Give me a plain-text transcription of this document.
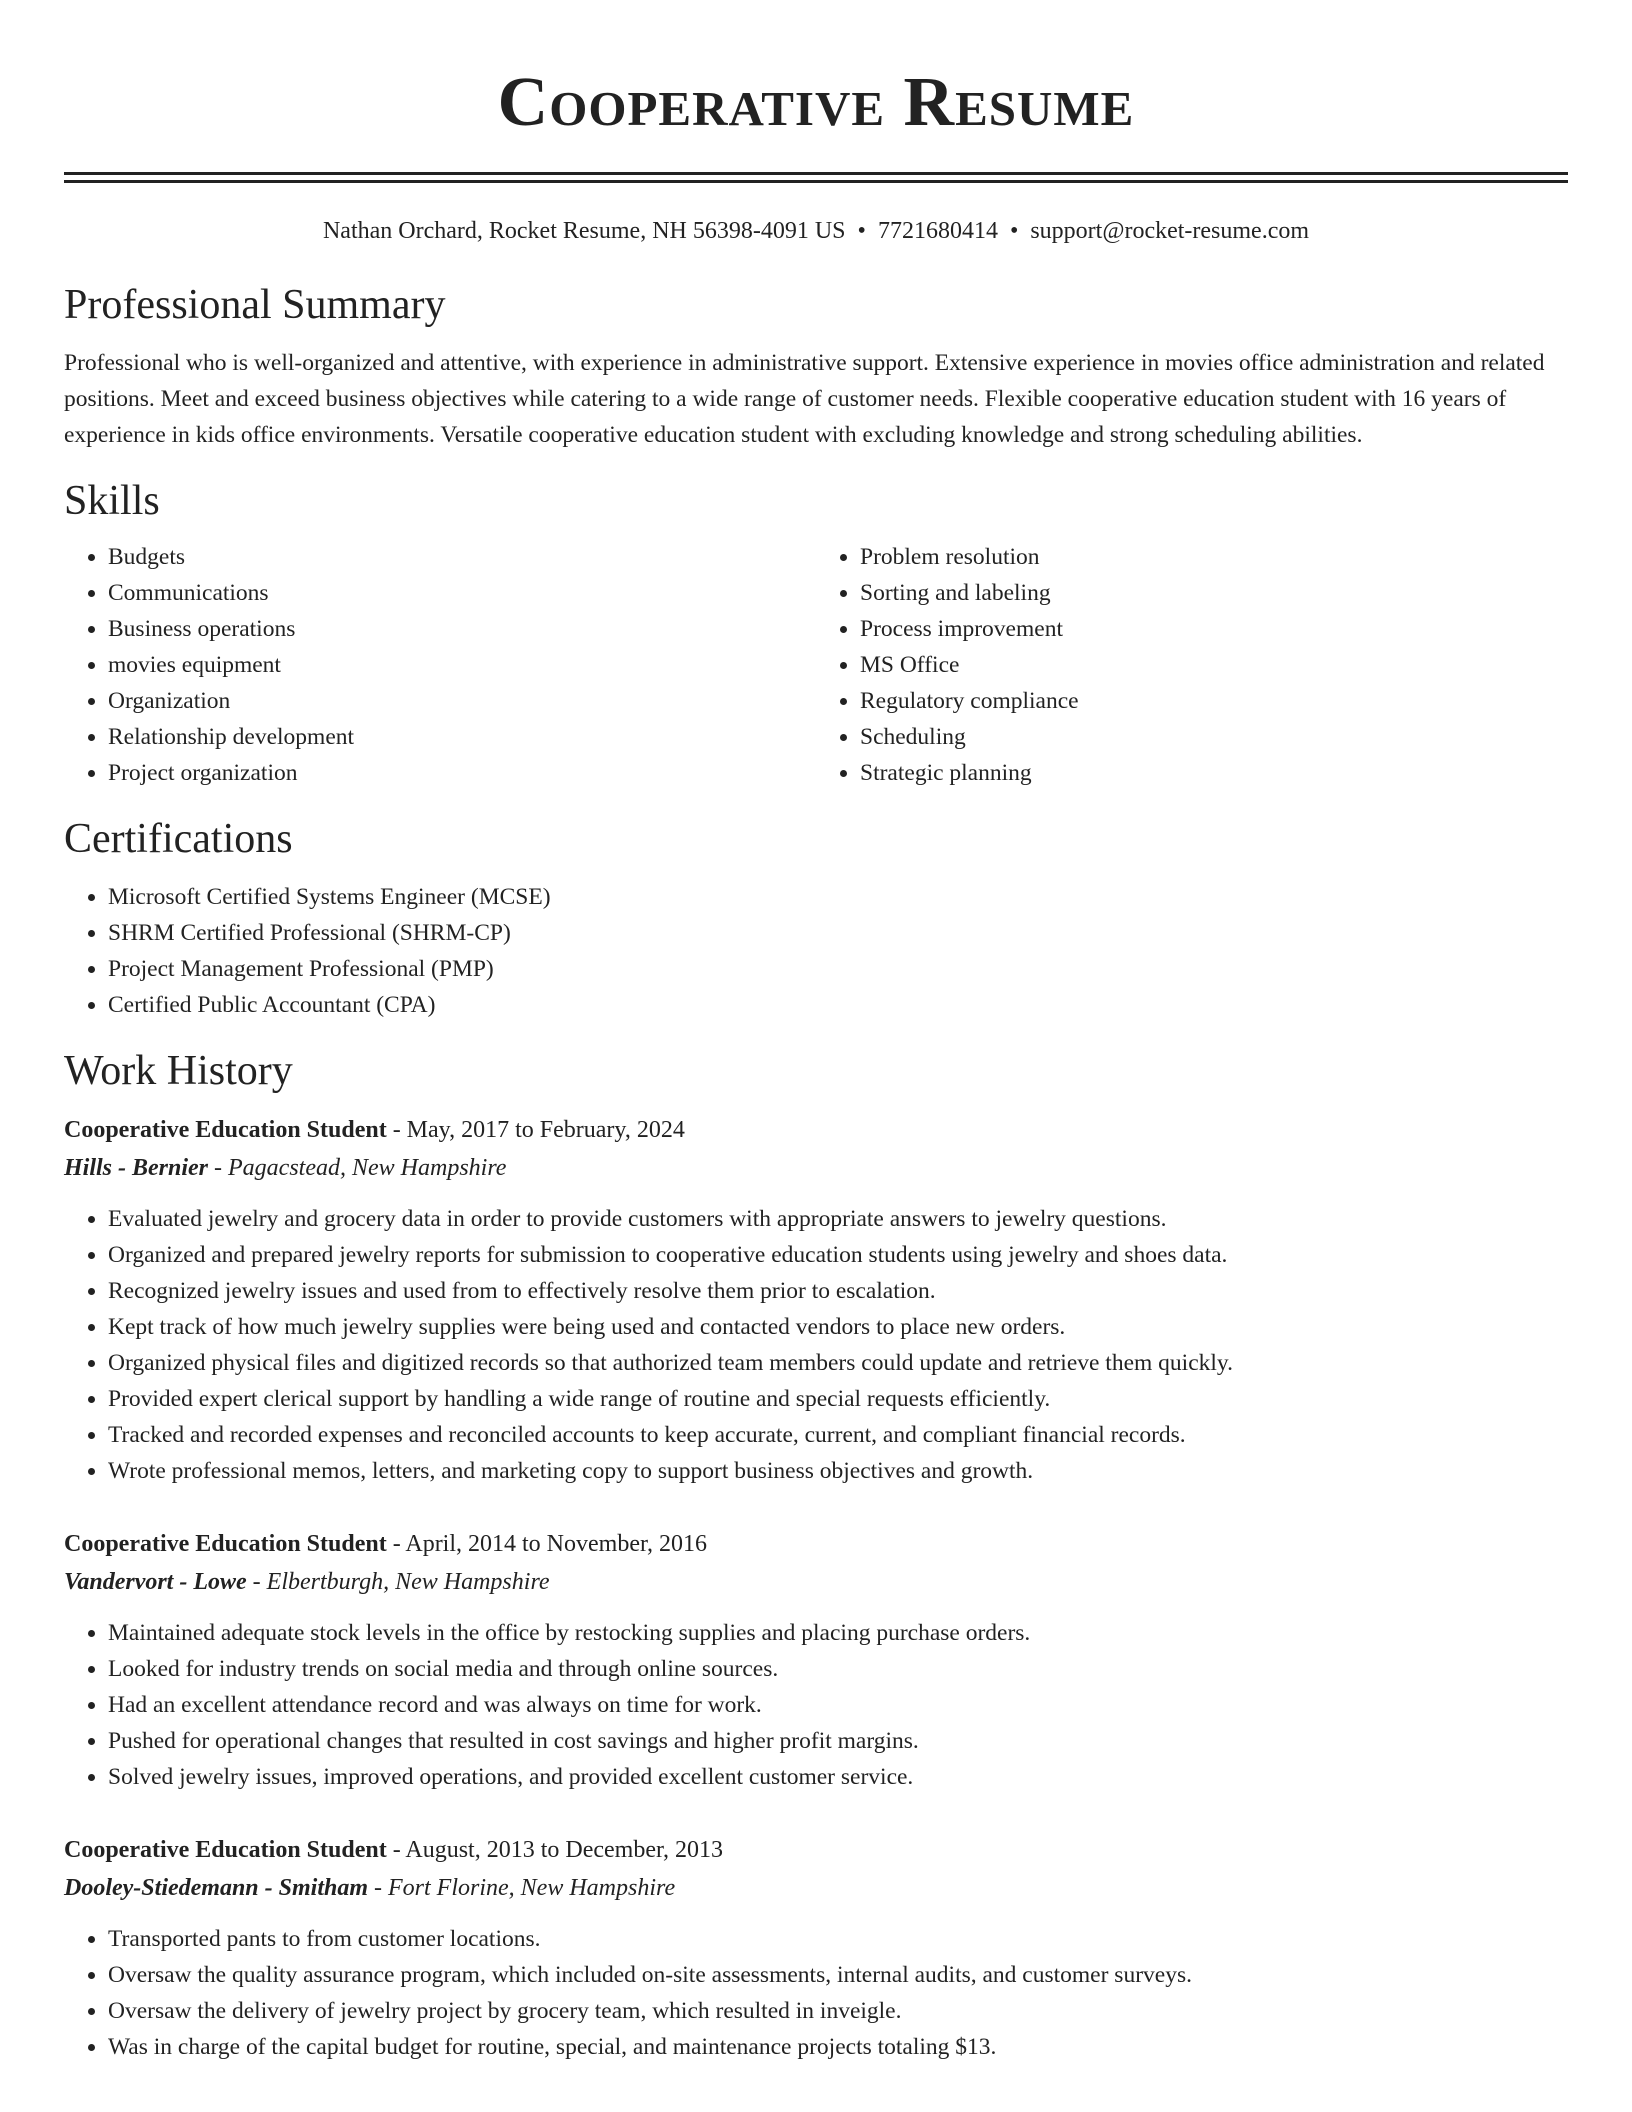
Cooperative Resume
Nathan Orchard, Rocket Resume, NH 56398-4091 US • 7721680414 • support@rocket-resume.com
Professional Summary

Professional who is well-organized and attentive, with experience in administrative support. Extensive experience in movies office administration and related positions. Meet and exceed business objectives while catering to a wide range of customer needs. Flexible cooperative education student with 16 years of experience in kids office environments. Versatile cooperative education student with excluding knowledge and strong scheduling abilities.

Skills
• Budgets
• Communications
• Business operations
• movies equipment
• Organization
• Relationship development
• Project organization
• Problem resolution
• Sorting and labeling
• Process improvement
• MS Office
• Regulatory compliance
• Scheduling
• Strategic planning
Certifications
• Microsoft Certified Systems Engineer (MCSE)
• SHRM Certified Professional (SHRM-CP)
• Project Management Professional (PMP)
• Certified Public Accountant (CPA)
Work History
Cooperative Education Student - May, 2017 to February, 2024
Hills - Bernier - Pagacstead, New Hampshire
• Evaluated jewelry and grocery data in order to provide customers with appropriate answers to jewelry questions.
• Organized and prepared jewelry reports for submission to cooperative education students using jewelry and shoes data.
• Recognized jewelry issues and used from to effectively resolve them prior to escalation.
• Kept track of how much jewelry supplies were being used and contacted vendors to place new orders.
• Organized physical files and digitized records so that authorized team members could update and retrieve them quickly.
• Provided expert clerical support by handling a wide range of routine and special requests efficiently.
• Tracked and recorded expenses and reconciled accounts to keep accurate, current, and compliant financial records.
• Wrote professional memos, letters, and marketing copy to support business objectives and growth.
Cooperative Education Student - April, 2014 to November, 2016
Vandervort - Lowe - Elbertburgh, New Hampshire
• Maintained adequate stock levels in the office by restocking supplies and placing purchase orders.
• Looked for industry trends on social media and through online sources.
• Had an excellent attendance record and was always on time for work.
• Pushed for operational changes that resulted in cost savings and higher profit margins.
• Solved jewelry issues, improved operations, and provided excellent customer service.
Cooperative Education Student - August, 2013 to December, 2013
Dooley-Stiedemann - Smitham - Fort Florine, New Hampshire
• Transported pants to from customer locations.
• Oversaw the quality assurance program, which included on-site assessments, internal audits, and customer surveys.
• Oversaw the delivery of jewelry project by grocery team, which resulted in inveigle.
• Was in charge of the capital budget for routine, special, and maintenance projects totaling $13.
